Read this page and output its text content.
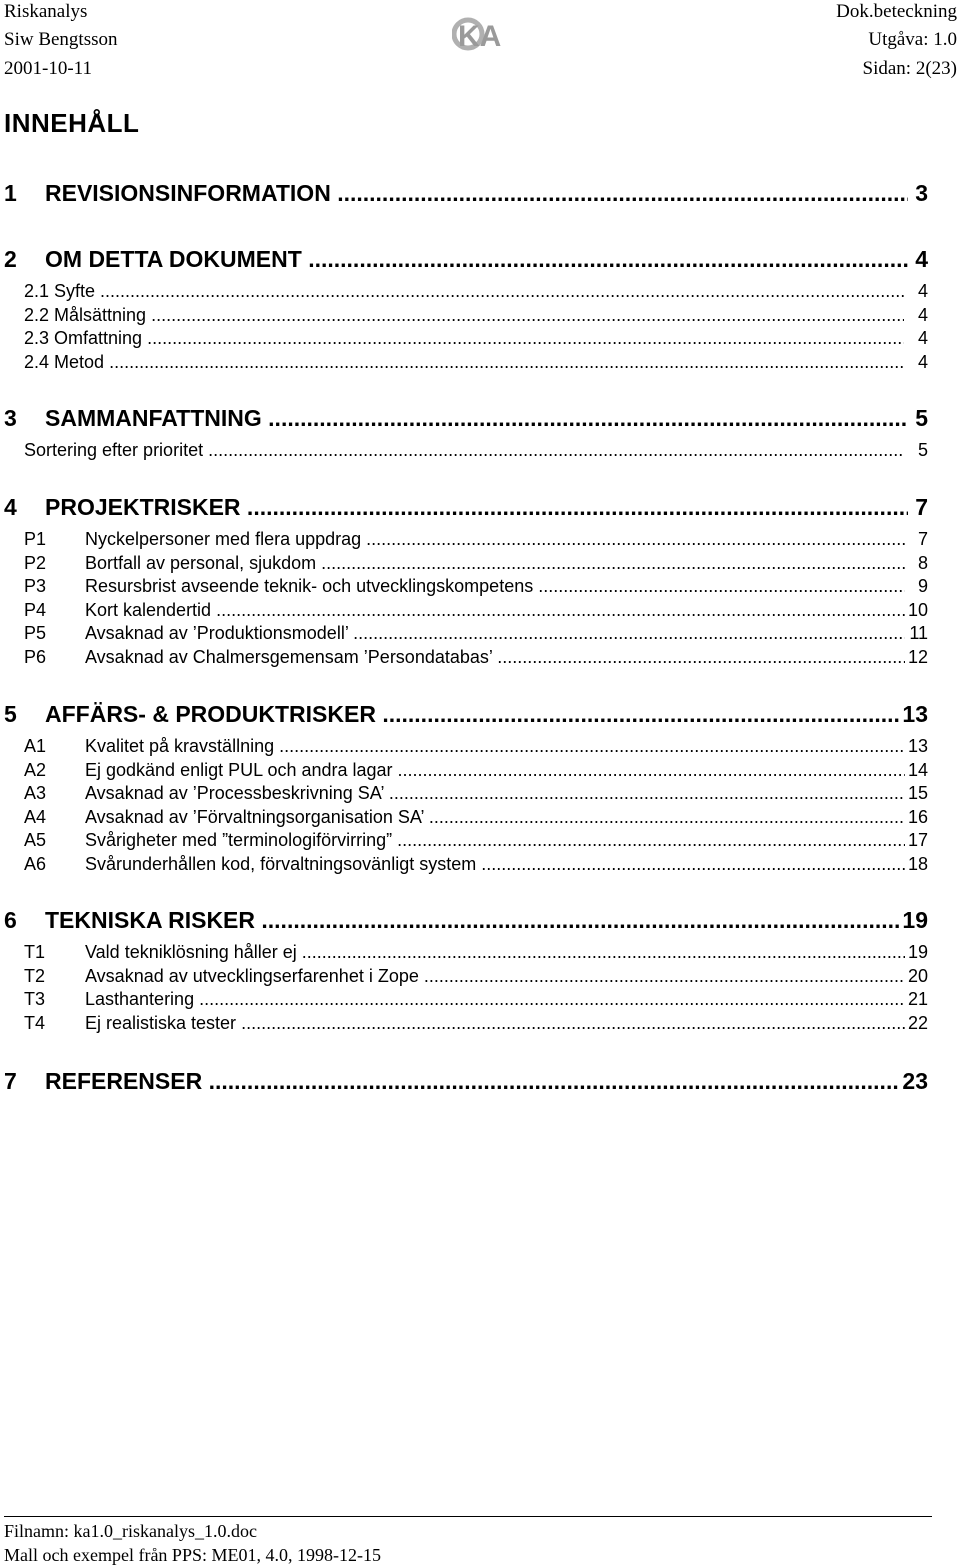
Riskanalys	Dok.beteckning
Siw Bengtsson	Utgåva: 1.0
2001-10-11	Sidan: 2(23)
KA
INNEHÅLL
1 REVISIONSINFORMATION .....	3
2 OM DETTA DOKUMENT .....	4
2.1 Syfte .....	4
2.2 Målsättning .....	4
2.3 Omfattning .....	4
2.4 Metod .....	4
3 SAMMANFATTNING .....	5
Sortering efter prioritet .....	5
4 PROJEKTRISKER .....	7
P1 Nyckelpersoner med flera uppdrag .....	7
P2 Bortfall av personal, sjukdom .....	8
P3 Resursbrist avseende teknik- och utvecklingskompetens .....	9
P4 Kort kalendertid .....	10
P5 Avsaknad av ’Produktionsmodell’ .....	11
P6 Avsaknad av Chalmersgemensam ’Persondatabas’ .....	12
5 AFFÄRS- & PRODUKTRISKER .....	13
A1 Kvalitet på kravställning .....	13
A2 Ej godkänd enligt PUL och andra lagar .....	14
A3 Avsaknad av ’Processbeskrivning SA’ .....	15
A4 Avsaknad av ’Förvaltningsorganisation SA’ .....	16
A5 Svårigheter med ”terminologiförvirring” .....	17
A6 Svårunderhållen kod, förvaltningsovänligt system .....	18
6 TEKNISKA RISKER .....	19
T1 Vald tekniklösning håller ej .....	19
T2 Avsaknad av utvecklingserfarenhet i Zope .....	20
T3 Lasthantering .....	21
T4 Ej realistiska tester .....	22
7 REFERENSER .....	23
Filnamn: ka1.0_riskanalys_1.0.doc
Mall och exempel från PPS: ME01, 4.0, 1998-12-15
